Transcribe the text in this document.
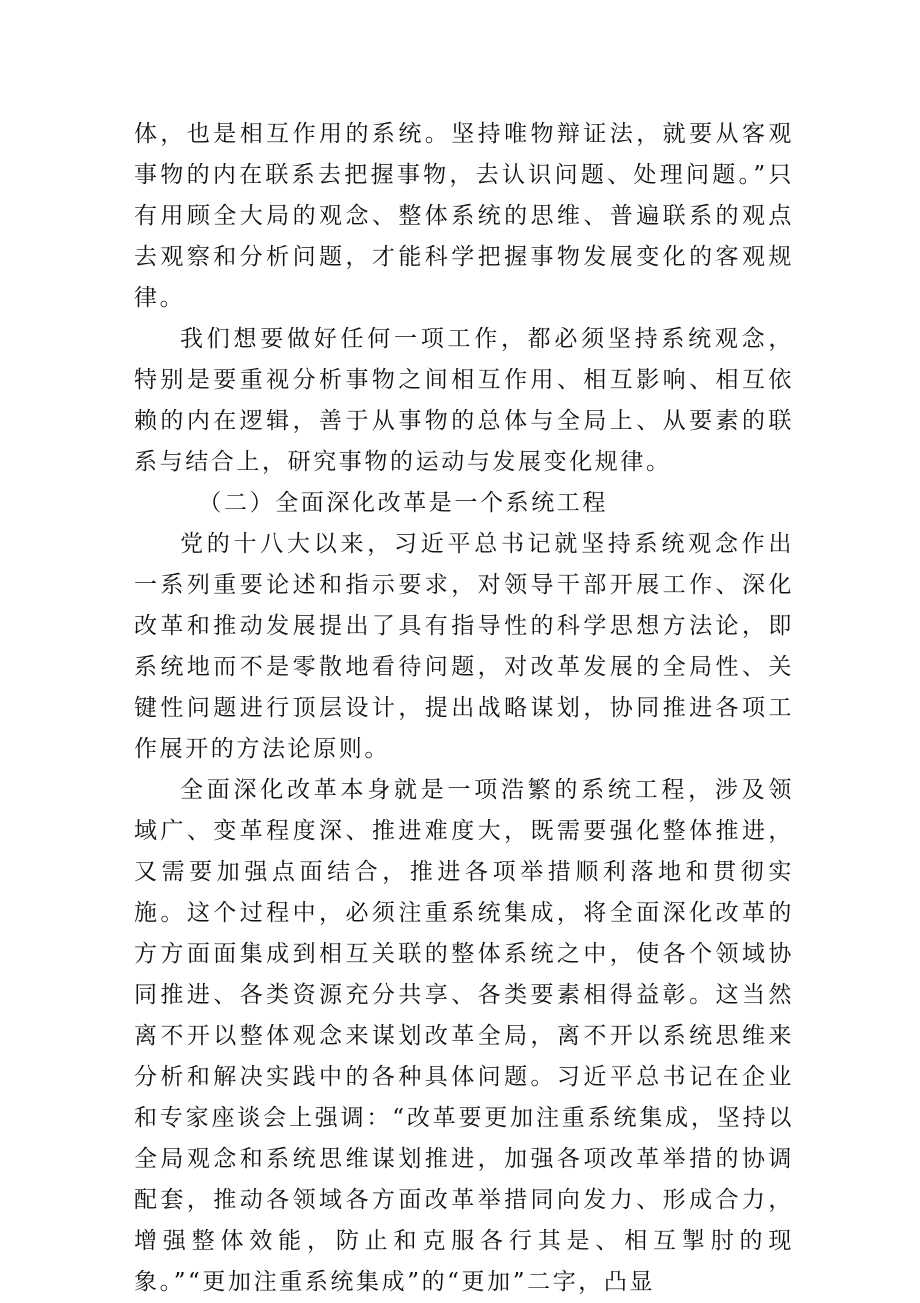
体，也是相互作用的系统。坚持唯物辩证法，就要从客观事物的内在联系去把握事物，去认识问题、处理问题。”只有用顾全大局的观念、整体系统的思维、普遍联系的观点去观察和分析问题，才能科学把握事物发展变化的客观规律。

我们想要做好任何一项工作，都必须坚持系统观念，特别是要重视分析事物之间相互作用、相互影响、相互依赖的内在逻辑，善于从事物的总体与全局上、从要素的联系与结合上，研究事物的运动与发展变化规律。

（二）全面深化改革是一个系统工程

党的十八大以来，习近平总书记就坚持系统观念作出一系列重要论述和指示要求，对领导干部开展工作、深化改革和推动发展提出了具有指导性的科学思想方法论，即系统地而不是零散地看待问题，对改革发展的全局性、关键性问题进行顶层设计，提出战略谋划，协同推进各项工作展开的方法论原则。

全面深化改革本身就是一项浩繁的系统工程，涉及领域广、变革程度深、推进难度大，既需要强化整体推进，又需要加强点面结合，推进各项举措顺利落地和贯彻实施。这个过程中，必须注重系统集成，将全面深化改革的方方面面集成到相互关联的整体系统之中，使各个领域协同推进、各类资源充分共享、各类要素相得益彰。这当然离不开以整体观念来谋划改革全局，离不开以系统思维来分析和解决实践中的各种具体问题。习近平总书记在企业和专家座谈会上强调：“改革要更加注重系统集成，坚持以全局观念和系统思维谋划推进，加强各项改革举措的协调配套，推动各领域各方面改革举措同向发力、形成合力，增强整体效能，防止和克服各行其是、相互掣肘的现象。”“更加注重系统集成”的“更加”二字，凸显
